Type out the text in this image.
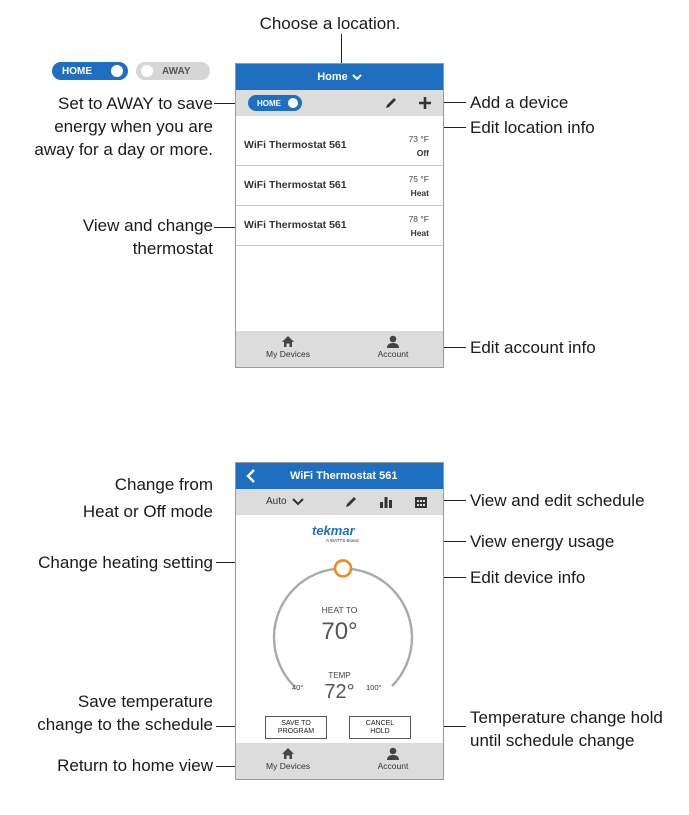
Choose a location.
HOME	AWAY
Set to AWAY to save
energy when you are
away for a day or more.
View and change
thermostat
Add a device
Edit location info
Edit account info
Home
HOME
WiFi Thermostat 561	73 °F
Off
WiFi Thermostat 561	75 °F
Heat
WiFi Thermostat 561	78 °F
Heat
My Devices	Account
Change from
Heat or Off mode
Change heating setting
Save temperature
change to the schedule
Return to home view
View and edit schedule
View energy usage
Edit device info
Temperature change hold
until schedule change
WiFi Thermostat 561
Auto
tekmar
A WATTS Brand
HEAT TO
70°
TEMP
72°
40°	100°
SAVE TO
PROGRAM
CANCEL
HOLD
My Devices	Account
